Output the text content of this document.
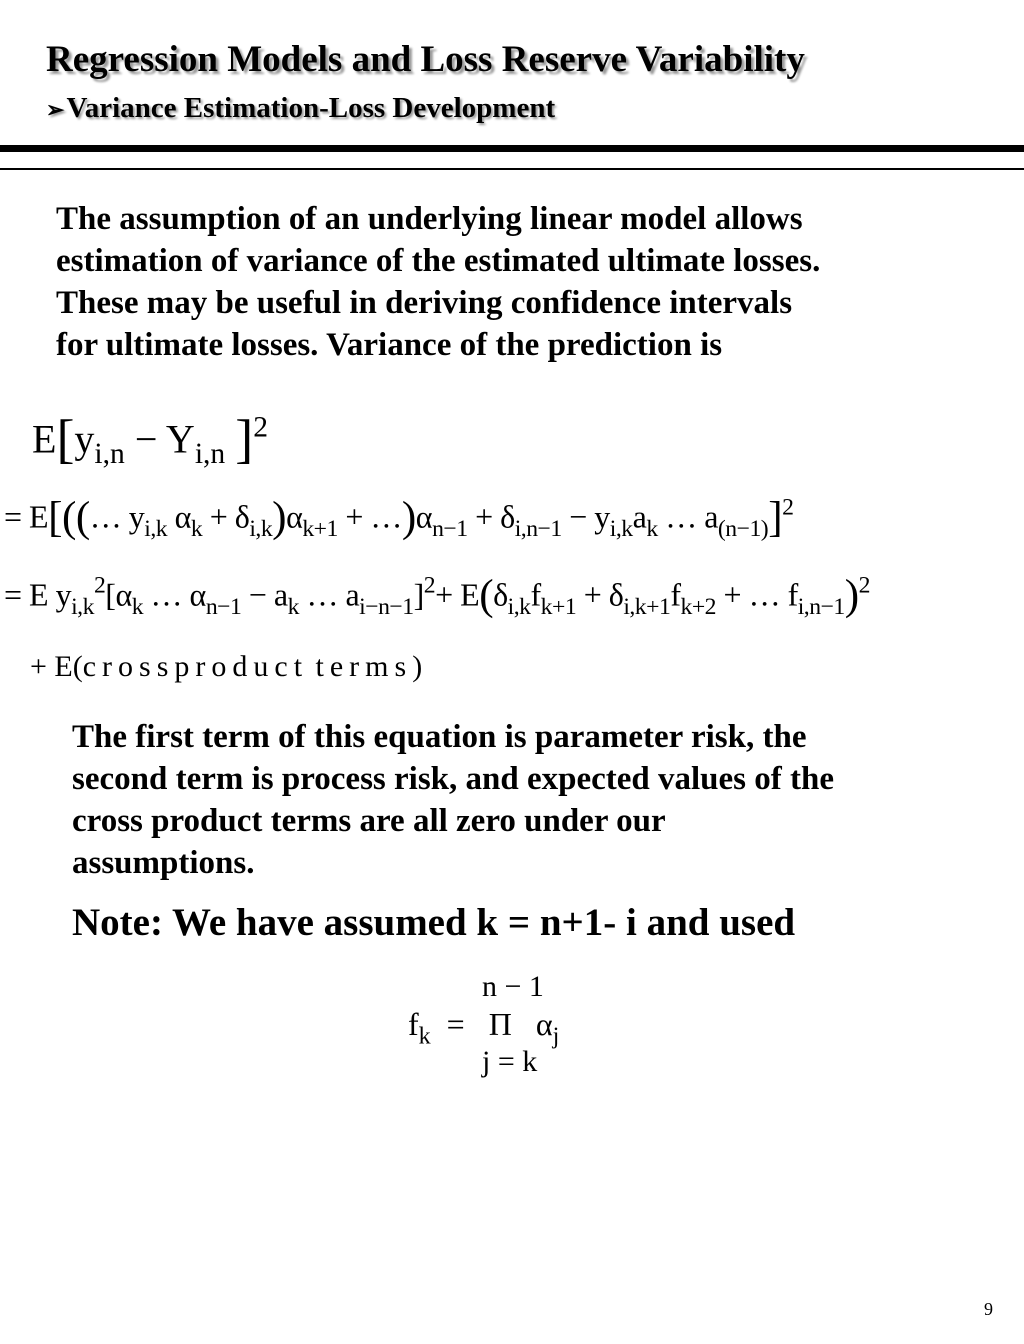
Regression Models and Loss Reserve Variability
➢Variance Estimation-Loss Development
The assumption of an underlying linear model allows
estimation of variance of the estimated ultimate losses.
These may be useful in deriving confidence intervals
for ultimate losses. Variance of the prediction is
$E[y_{i,n} - Y_{i,n}$ ]$^2$
= E[((… $y_{i,k}$ $\alpha_k + \delta_{i,k})\alpha_{k+1}$ + $\dots)\alpha_{n-1} + \delta_{i,n-1} - y_{i,k}a_k$ … $a_{(n-1)}]^2$
= E $y_{i,k}^2[\alpha_k$ … $\alpha_{n-1} - a_k$ … $a_{i-n-1}]^2+ E(\delta_{i,k}f_{k+1} + \delta_{i,k+1}f_{k+2}$ + … $f_{i,n-1})^2$
+ E(crossproduct terms)
The first term of this equation is parameter risk, the
second term is process risk, and expected values of the
cross product terms are all zero under our
assumptions.
Note: We have assumed k = n+1- i and used
n − 1
$f_k = \Pi$   $\alpha_j$
j = k
9
